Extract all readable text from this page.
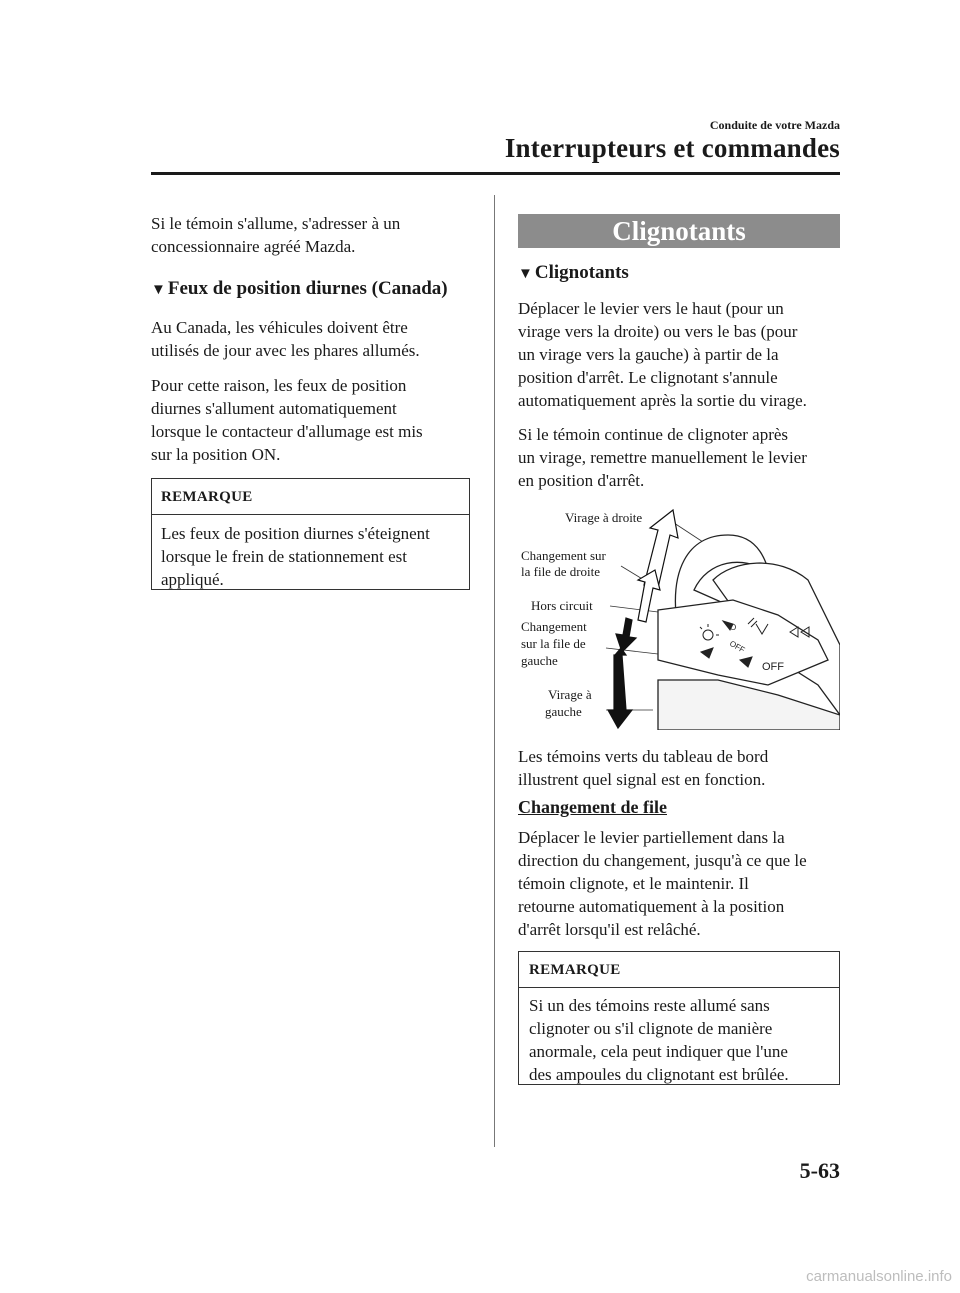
Conduite de votre Mazda
Interrupteurs et commandes

Si le témoin s'allume, s'adresser à un

concessionnaire agréé Mazda.

▼ Feux de position diurnes (Canada)

Au Canada, les véhicules doivent être

utilisés de jour avec les phares allumés.

Pour cette raison, les feux de position

diurnes s'allument automatiquement

lorsque le contacteur d'allumage est mis

sur la position ON.

REMARQUE

Les feux de position diurnes s'éteignent

lorsque le frein de stationnement est

appliqué.

Clignotants
▼ Clignotants

Déplacer le levier vers le haut (pour un

virage vers la droite) ou vers le bas (pour

un virage vers la gauche) à partir de la

position d'arrêt. Le clignotant s'annule

automatiquement après la sortie du virage.

Si le témoin continue de clignoter après

un virage, remettre manuellement le levier

en position d'arrêt.

OFF
OFF
O
Virage à droite
Changement sur
la file de droite
Hors circuit
Changement
sur la file de
gauche
Virage à
gauche

Les témoins verts du tableau de bord

illustrent quel signal est en fonction.

Changement de file

Déplacer le levier partiellement dans la

direction du changement, jusqu'à ce que le

témoin clignote, et le maintenir. Il

retourne automatiquement à la position

d'arrêt lorsqu'il est relâché.

REMARQUE

Si un des témoins reste allumé sans

clignoter ou s'il clignote de manière

anormale, cela peut indiquer que l'une

des ampoules du clignotant est brûlée.

5-63
carmanualsonline.info
